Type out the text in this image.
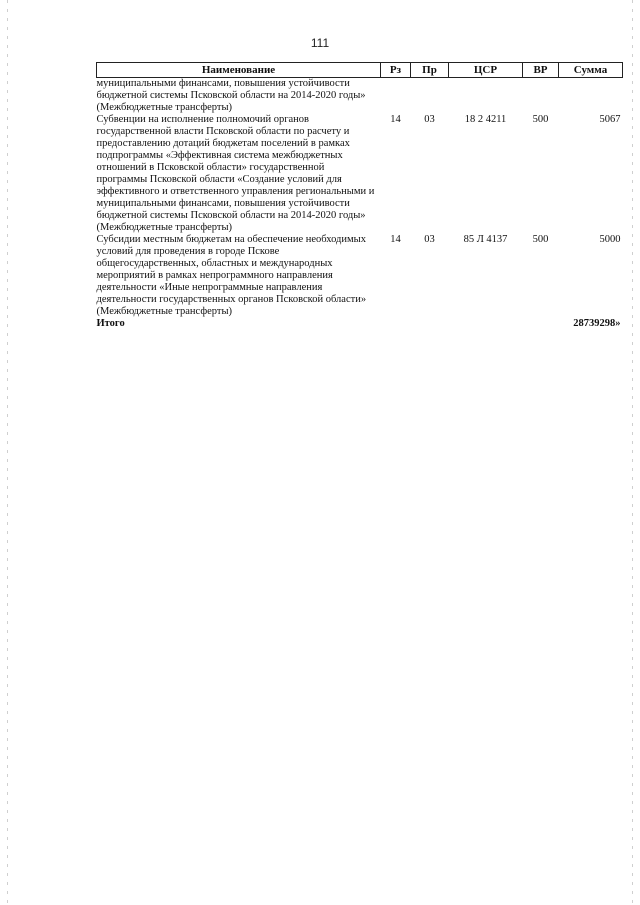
111
Наименование	Рз	Пр	ЦСР	ВР	Сумма
муниципальными финансами, повышения устойчивости бюджетной системы Псковской области на 2014-2020 годы» (Межбюджетные трансферты)					
Субвенции на исполнение полномочий органов государственной власти Псковской области по расчету и предоставлению дотаций бюджетам поселений в рамках подпрограммы «Эффективная система межбюджетных отношений в Псковской области» государственной программы Псковской области «Создание условий для эффективного и ответственного управления региональными и муниципальными финансами, повышения устойчивости бюджетной системы Псковской области на 2014-2020 годы» (Межбюджетные трансферты)	14	03	18 2 4211	500	5067
Субсидии местным бюджетам на обеспечение необходимых условий для проведения в городе Пскове общегосударственных, областных и международных мероприятий в рамках непрограммного направления деятельности «Иные непрограммные направления деятельности государственных органов Псковской области» (Межбюджетные трансферты)	14	03	85 Л 4137	500	5000
Итого					28739298»
